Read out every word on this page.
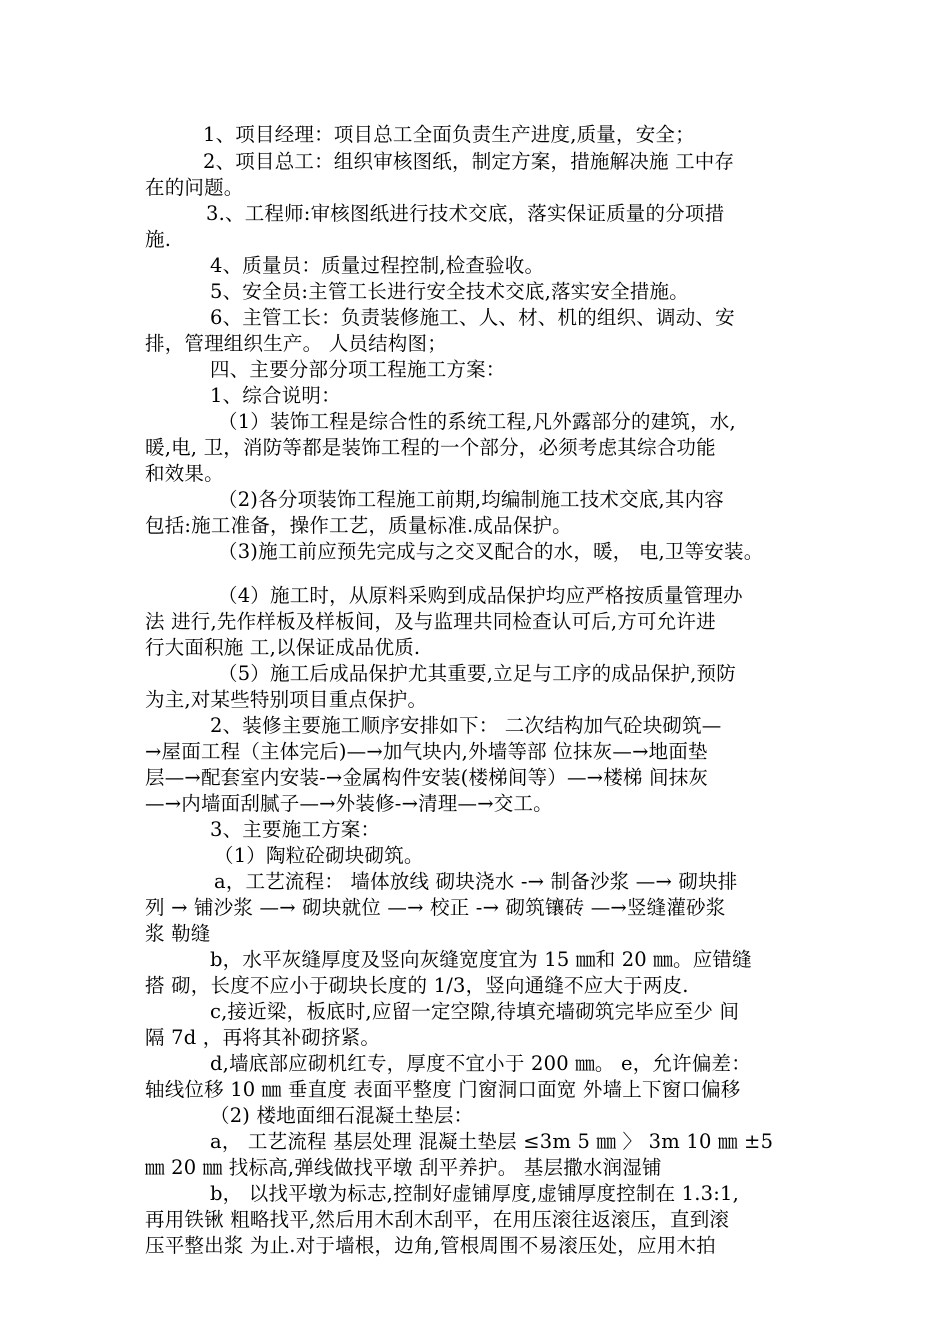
1、项目经理：项目总工全面负责生产进度,质量，安全；
2、项目总工：组织审核图纸，制定方案，措施解决施 工中存
在的问题。
3.、工程师:审核图纸进行技术交底，落实保证质量的分项措
施.
4、质量员：质量过程控制,检查验收。
5、安全员:主管工长进行安全技术交底,落实安全措施。
6、主管工长：负责装修施工、人、材、机的组织、调动、安
排，管理组织生产。 人员结构图；
四、主要分部分项工程施工方案：
1、综合说明：
（1）装饰工程是综合性的系统工程,凡外露部分的建筑，水,
暖,电, 卫，消防等都是装饰工程的一个部分，必须考虑其综合功能
和效果。
（2)各分项装饰工程施工前期,均编制施工技术交底,其内容
包括:施工准备，操作工艺，质量标准.成品保护。
（3)施工前应预先完成与之交叉配合的水，暖， 电,卫等安装。
（4）施工时，从原料采购到成品保护均应严格按质量管理办
法 进行,先作样板及样板间，及与监理共同检查认可后,方可允许进
行大面积施 工,以保证成品优质.
（5）施工后成品保护尤其重要,立足与工序的成品保护,预防
为主,对某些特别项目重点保护。
2、装修主要施工顺序安排如下： 二次结构加气砼块砌筑—
→屋面工程（主体完后)—→加气块内,外墙等部 位抹灰—→地面垫
层—→配套室内安装-→金属构件安装(楼梯间等）—→楼梯 间抹灰
—→内墙面刮腻子—→外装修-→清理—→交工。
3、主要施工方案：
（1）陶粒砼砌块砌筑。
a，工艺流程： 墙体放线 砌块浇水 -→ 制备沙浆 —→ 砌块排
列 → 铺沙浆 —→ 砌块就位 —→ 校正 -→ 砌筑镶砖 —→竖缝灌砂浆
浆 勒缝
b，水平灰缝厚度及竖向灰缝宽度宜为 15 ㎜和 20 ㎜。应错缝
搭 砌，长度不应小于砌块长度的 1/3，竖向通缝不应大于两皮.
c,接近梁，板底时,应留一定空隙,待填充墙砌筑完毕应至少 间
隔 7d ，再将其补砌挤紧。
d,墙底部应砌机红专，厚度不宜小于 200 ㎜。 e，允许偏差：
轴线位移 10 ㎜ 垂直度 表面平整度 门窗洞口面宽 外墙上下窗口偏移
（2) 楼地面细石混凝土垫层：
a， 工艺流程 基层处理 混凝土垫层 ≤3m 5 ㎜ 〉 3m 10 ㎜ ±5
㎜ 20 ㎜ 找标高,弹线做找平墩 刮平养护。 基层撒水润湿铺
b， 以找平墩为标志,控制好虚铺厚度,虚铺厚度控制在 1.3:1,
再用铁锹 粗略找平,然后用木刮木刮平，在用压滚往返滚压，直到滚
压平整出浆 为止.对于墙根，边角,管根周围不易滚压处，应用木拍
